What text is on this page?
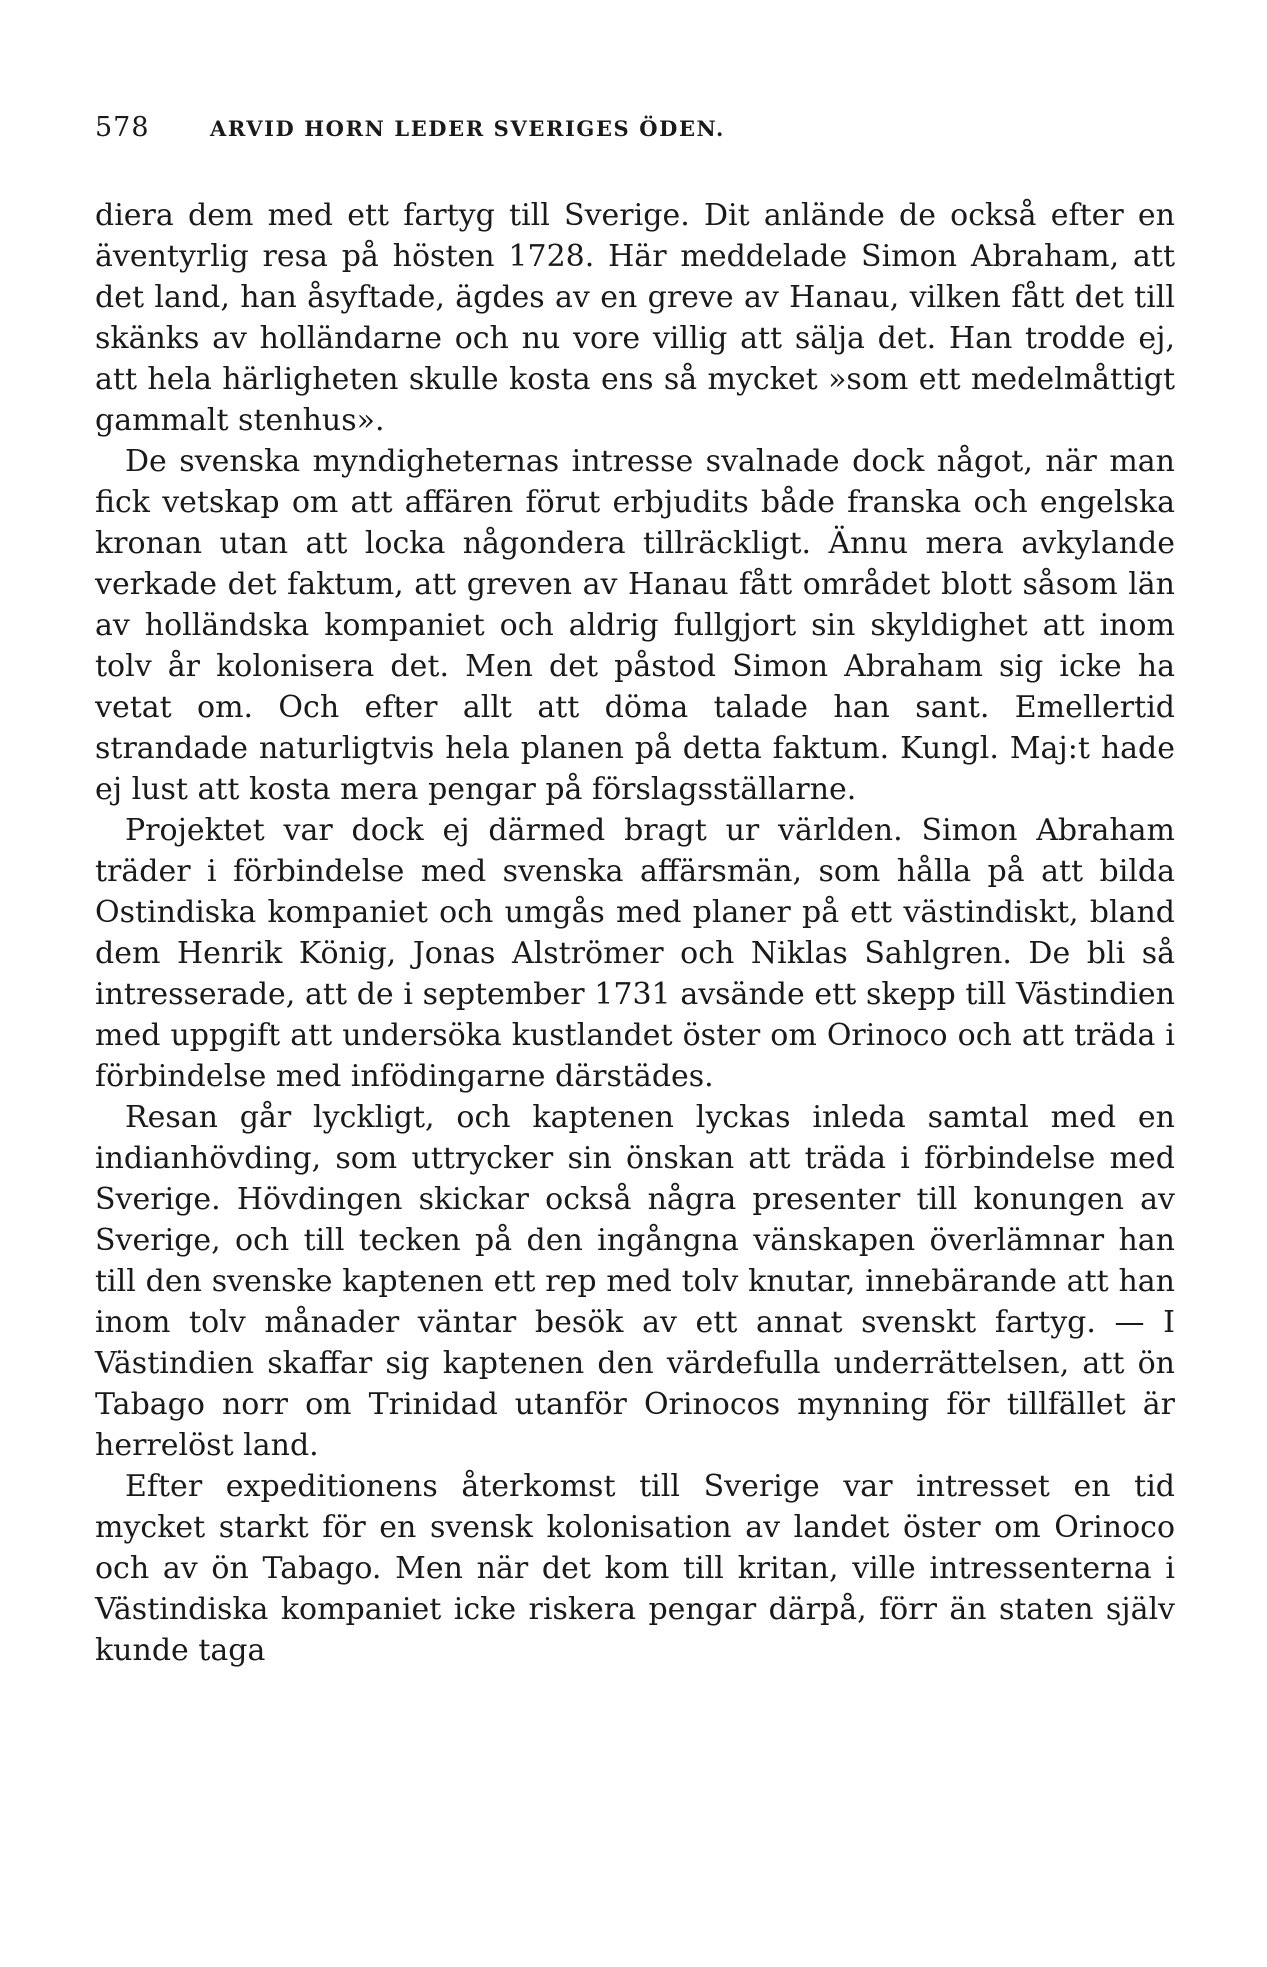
578	ARVID HORN LEDER SVERIGES ÖDEN.

diera dem med ett fartyg till Sverige. Dit anlände de också efter en äventyrlig resa på hösten 1728. Här meddelade Simon Abraham, att det land, han åsyftade, ägdes av en greve av Hanau, vilken fått det till skänks av holländarne och nu vore villig att sälja det. Han trodde ej, att hela härligheten skulle kosta ens så mycket »som ett medelmåttigt gammalt stenhus».

De svenska myndigheternas intresse svalnade dock något, när man fick vetskap om att affären förut erbjudits både franska och engelska kronan utan att locka någondera tillräckligt. Ännu mera avkylande verkade det faktum, att greven av Hanau fått området blott såsom län av holländska kompaniet och aldrig fullgjort sin skyldighet att inom tolv år kolonisera det. Men det påstod Simon Abraham sig icke ha vetat om. Och efter allt att döma talade han sant. Emellertid strandade naturligtvis hela planen på detta faktum. Kungl. Maj:t hade ej lust att kosta mera pengar på förslagsställarne.

Projektet var dock ej därmed bragt ur världen. Simon Abraham träder i förbindelse med svenska affärsmän, som hålla på att bilda Ostindiska kompaniet och umgås med planer på ett västindiskt, bland dem Henrik König, Jonas Alströmer och Niklas Sahlgren. De bli så intresserade, att de i september 1731 avsände ett skepp till Västindien med uppgift att undersöka kustlandet öster om Orinoco och att träda i förbindelse med infödingarne därstädes.

Resan går lyckligt, och kaptenen lyckas inleda samtal med en indianhövding, som uttrycker sin önskan att träda i förbindelse med Sverige. Hövdingen skickar också några presenter till konungen av Sverige, och till tecken på den ingångna vänskapen överlämnar han till den svenske kaptenen ett rep med tolv knutar, innebärande att han inom tolv månader väntar besök av ett annat svenskt fartyg. — I Västindien skaffar sig kaptenen den värdefulla underrättelsen, att ön Tabago norr om Trinidad utanför Orinocos mynning för tillfället är herrelöst land.

Efter expeditionens återkomst till Sverige var intresset en tid mycket starkt för en svensk kolonisation av landet öster om Orinoco och av ön Tabago. Men när det kom till kritan, ville intressenterna i Västindiska kompaniet icke riskera pengar därpå, förr än staten själv kunde taga
